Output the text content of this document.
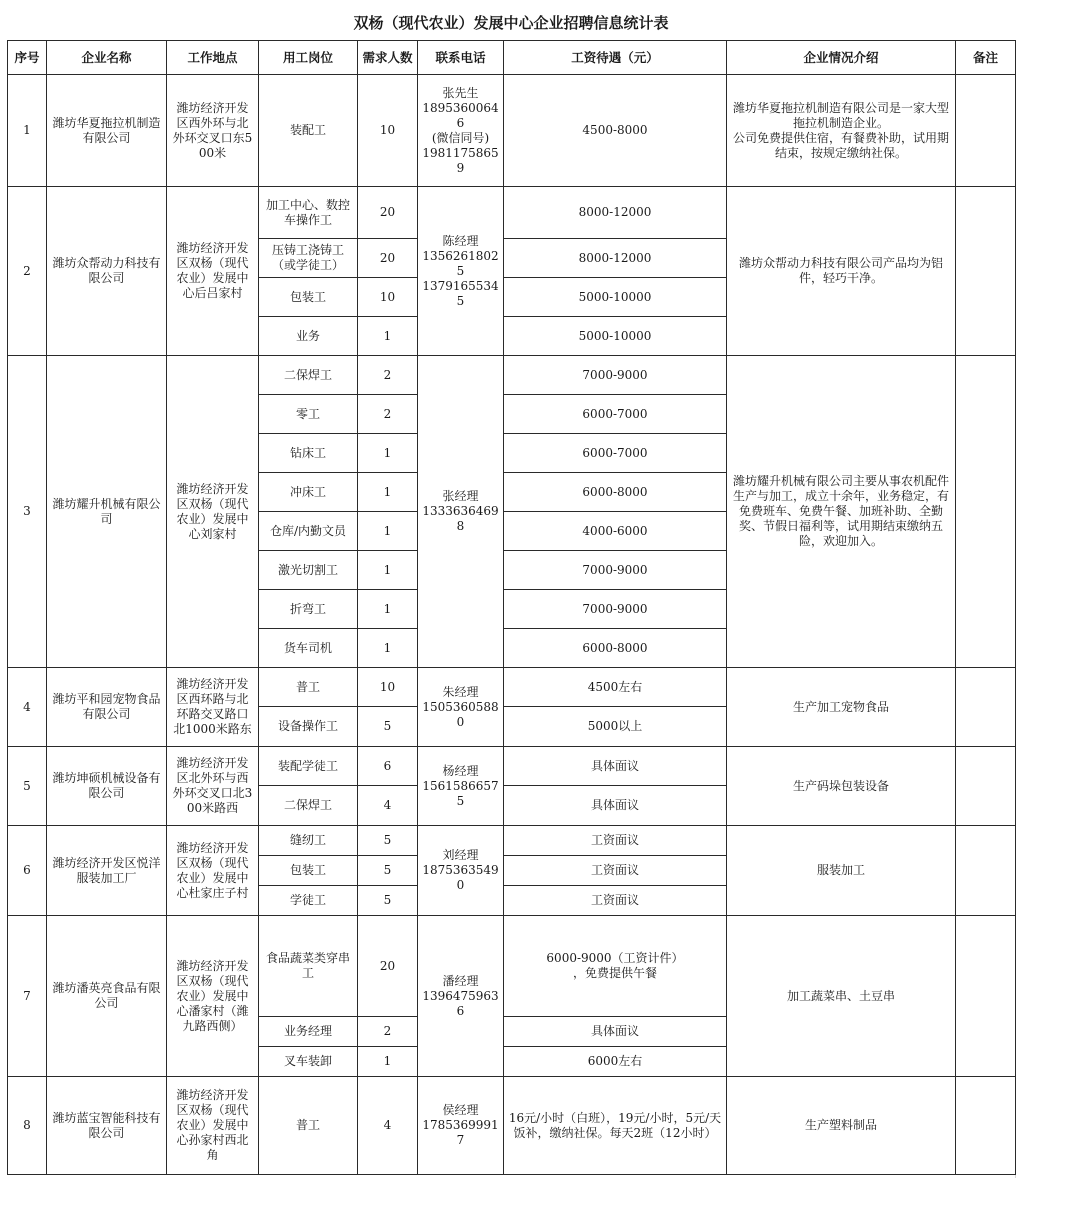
双杨（现代农业）发展中心企业招聘信息统计表
序号	企业名称	工作地点	用工岗位	需求人数	联系电话	工资待遇（元）	企业情况介绍	备注
1	潍坊华夏拖拉机制造有限公司	潍坊经济开发区西外环与北外环交叉口东500米	装配工	10	张先生
18953600646
(微信同号)
19811758659	4500-8000	潍坊华夏拖拉机制造有限公司是一家大型拖拉机制造企业。
公司免费提供住宿，有餐费补助，试用期结束，按规定缴纳社保。	
2	潍坊众帮动力科技有限公司	潍坊经济开发区双杨（现代农业）发展中心后吕家村	加工中心、数控车操作工	20	陈经理
13562618025
13791655345	8000-12000	潍坊众帮动力科技有限公司产品均为铝件，轻巧干净。	
			压铸工浇铸工（或学徒工）	20		8000-12000		
			包装工	10		5000-10000		
			业务	1		5000-10000		
3	潍坊耀升机械有限公司	潍坊经济开发区双杨（现代农业）发展中心刘家村	二保焊工	2	张经理
13336364698	7000-9000	潍坊耀升机械有限公司主要从事农机配件生产与加工，成立十余年，业务稳定，有免费班车、免费午餐、加班补助、全勤奖、节假日福利等，试用期结束缴纳五险，欢迎加入。	
			零工	2		6000-7000		
			钻床工	1		6000-7000		
			冲床工	1		6000-8000		
			仓库/内勤文员	1		4000-6000		
			激光切割工	1		7000-9000		
			折弯工	1		7000-9000		
			货车司机	1		6000-8000		
4	潍坊平和园宠物食品有限公司	潍坊经济开发区西环路与北环路交叉路口北1000米路东	普工	10	朱经理
15053605880	4500左右	生产加工宠物食品	
			设备操作工	5		5000以上		
5	潍坊坤硕机械设备有限公司	潍坊经济开发区北外环与西外环交叉口北300米路西	装配学徒工	6	杨经理
15615866575	具体面议	生产码垛包装设备	
			二保焊工	4		具体面议		
6	潍坊经济开发区悦洋服装加工厂	潍坊经济开发区双杨（现代农业）发展中心杜家庄子村	缝纫工	5	刘经理
18753635490	工资面议	服装加工	
			包装工	5		工资面议		
			学徒工	5		工资面议		
7	潍坊潘英亮食品有限公司	潍坊经济开发区双杨（现代农业）发展中心潘家村（潍九路西侧）	食品蔬菜类穿串工	20	潘经理
13964759636	6000-9000（工资计件）
，免费提供午餐	加工蔬菜串、土豆串	
			业务经理	2		具体面议		
			叉车装卸	1		6000左右		
8	潍坊蓝宝智能科技有限公司	潍坊经济开发区双杨（现代农业）发展中心孙家村西北角	普工	4	侯经理
17853699917	16元/小时（白班），19元/小时，5元/天饭补，缴纳社保。每天2班（12小时）	生产塑料制品	
